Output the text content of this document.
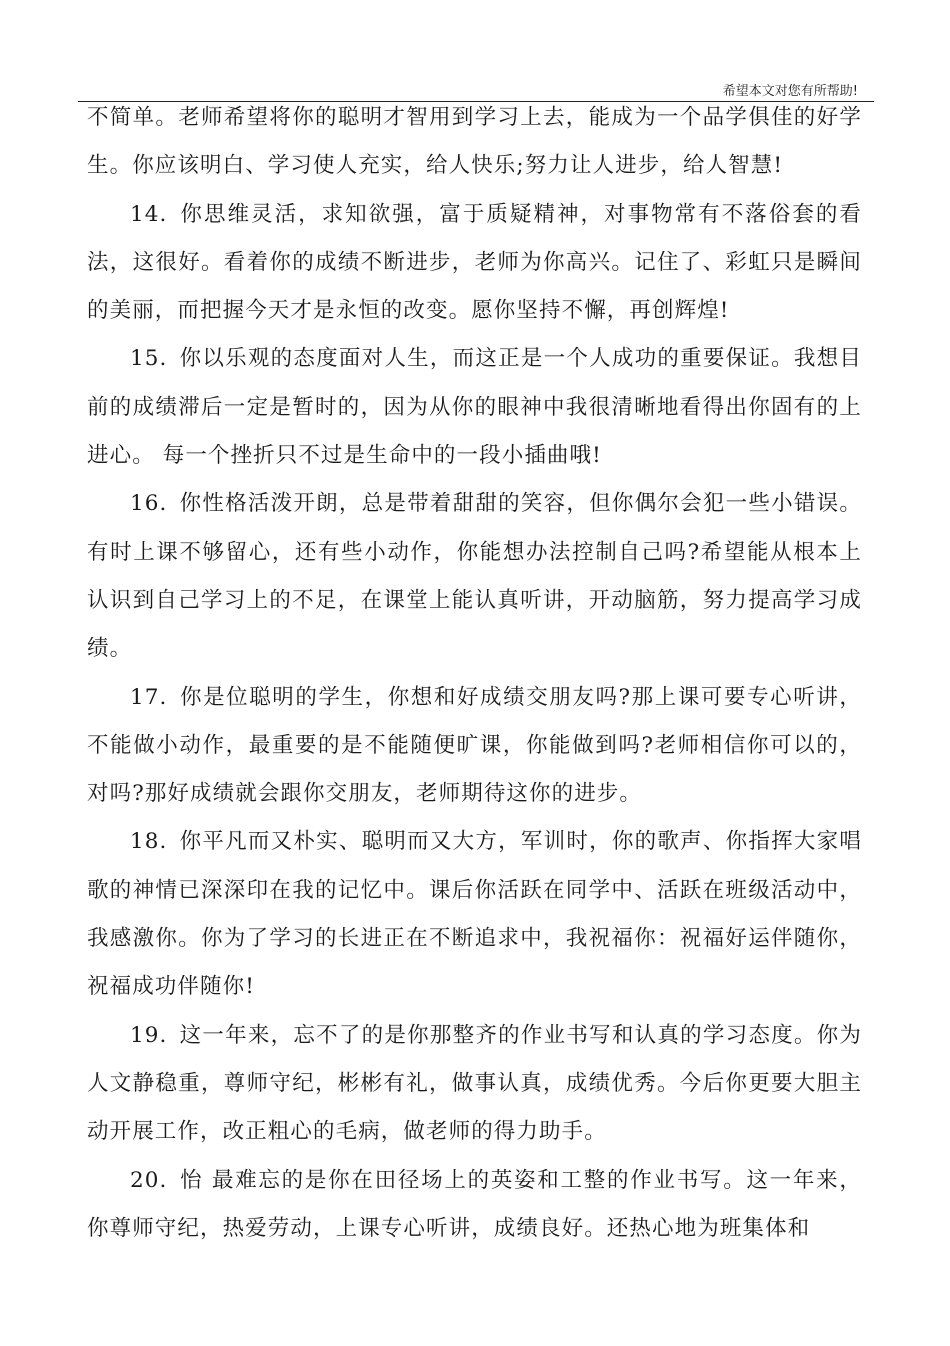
希望本文对您有所帮助!

不简单。老师希望将你的聪明才智用到学习上去，能成为一个品学俱佳的好学生。你应该明白、学习使人充实，给人快乐;努力让人进步，给人智慧!

14. 你思维灵活，求知欲强，富于质疑精神，对事物常有不落俗套的看法，这很好。看着你的成绩不断进步，老师为你高兴。记住了、彩虹只是瞬间的美丽，而把握今天才是永恒的改变。愿你坚持不懈，再创辉煌!

15. 你以乐观的态度面对人生，而这正是一个人成功的重要保证。我想目前的成绩滞后一定是暂时的，因为从你的眼神中我很清晰地看得出你固有的上进心。 每一个挫折只不过是生命中的一段小插曲哦!

16. 你性格活泼开朗，总是带着甜甜的笑容，但你偶尔会犯一些小错误。有时上课不够留心，还有些小动作，你能想办法控制自己吗?希望能从根本上认识到自己学习上的不足，在课堂上能认真听讲，开动脑筋，努力提高学习成绩。

17. 你是位聪明的学生，你想和好成绩交朋友吗?那上课可要专心听讲，不能做小动作，最重要的是不能随便旷课，你能做到吗?老师相信你可以的，对吗?那好成绩就会跟你交朋友，老师期待这你的进步。

18. 你平凡而又朴实、聪明而又大方，军训时，你的歌声、你指挥大家唱歌的神情已深深印在我的记忆中。课后你活跃在同学中、活跃在班级活动中，我感激你。你为了学习的长进正在不断追求中，我祝福你：祝福好运伴随你，祝福成功伴随你!

19. 这一年来，忘不了的是你那整齐的作业书写和认真的学习态度。你为人文静稳重，尊师守纪，彬彬有礼，做事认真，成绩优秀。今后你更要大胆主动开展工作，改正粗心的毛病，做老师的得力助手。

20. 怡 最难忘的是你在田径场上的英姿和工整的作业书写。这一年来，你尊师守纪，热爱劳动，上课专心听讲，成绩良好。还热心地为班集体和
